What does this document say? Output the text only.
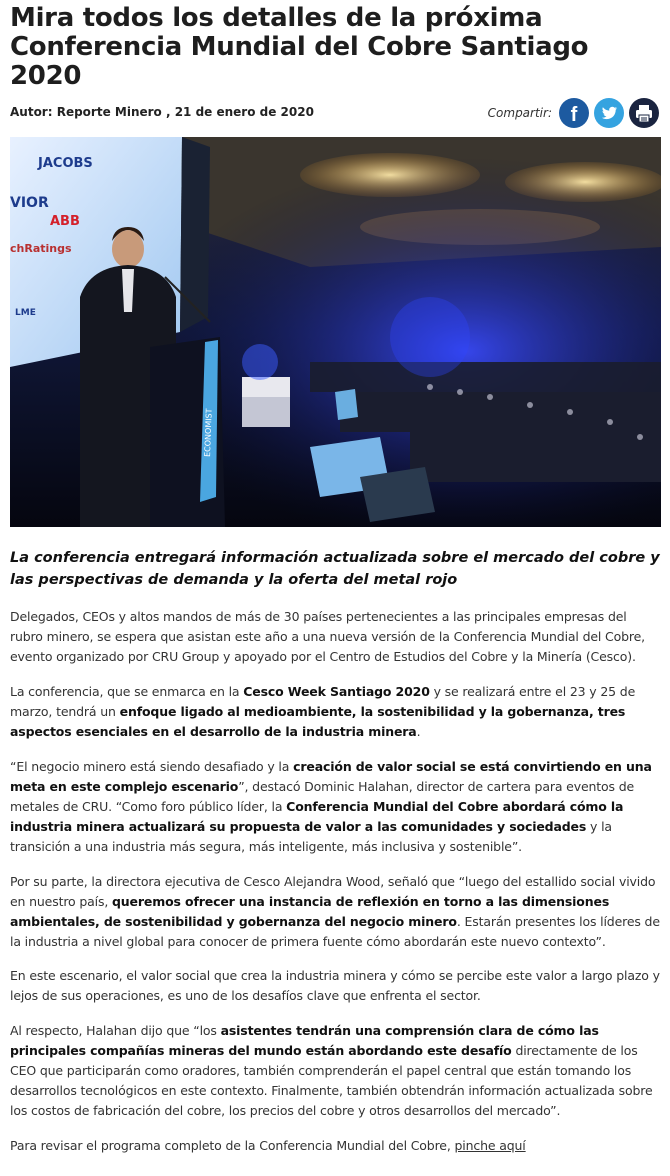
Mira todos los detalles de la próxima Conferencia Mundial del Cobre Santiago 2020
Autor: Reporte Minero , 21 de enero de 2020	Compartir: f
JACOBS
VIOR
ABB
chRatings
LME
ECONOMIST

La conferencia entregará información actualizada sobre el mercado del cobre y las perspectivas de demanda y la oferta del metal rojo

Delegados, CEOs y altos mandos de más de 30 países pertenecientes a las principales empresas del rubro minero, se espera que asistan este año a una nueva versión de la Conferencia Mundial del Cobre, evento organizado por CRU Group y apoyado por el Centro de Estudios del Cobre y la Minería (Cesco).

La conferencia, que se enmarca en la Cesco Week Santiago 2020 y se realizará entre el 23 y 25 de marzo, tendrá un enfoque ligado al medioambiente, la sostenibilidad y la gobernanza, tres aspectos esenciales en el desarrollo de la industria minera.

“El negocio minero está siendo desafiado y la creación de valor social se está convirtiendo en una meta en este complejo escenario”, destacó Dominic Halahan, director de cartera para eventos de metales de CRU. “Como foro público líder, la Conferencia Mundial del Cobre abordará cómo la industria minera actualizará su propuesta de valor a las comunidades y sociedades y la transición a una industria más segura, más inteligente, más inclusiva y sostenible”.

Por su parte, la directora ejecutiva de Cesco Alejandra Wood, señaló que “luego del estallido social vivido en nuestro país, queremos ofrecer una instancia de reflexión en torno a las dimensiones ambientales, de sostenibilidad y gobernanza del negocio minero. Estarán presentes los líderes de la industria a nivel global para conocer de primera fuente cómo abordarán este nuevo contexto”.

En este escenario, el valor social que crea la industria minera y cómo se percibe este valor a largo plazo y lejos de sus operaciones, es uno de los desafíos clave que enfrenta el sector.

Al respecto, Halahan dijo que “los asistentes tendrán una comprensión clara de cómo las principales compañías mineras del mundo están abordando este desafío directamente de los CEO que participarán como oradores, también comprenderán el papel central que están tomando los desarrollos tecnológicos en este contexto. Finalmente, también obtendrán información actualizada sobre los costos de fabricación del cobre, los precios del cobre y otros desarrollos del mercado”.

Para revisar el programa completo de la Conferencia Mundial del Cobre, pinche aquí
